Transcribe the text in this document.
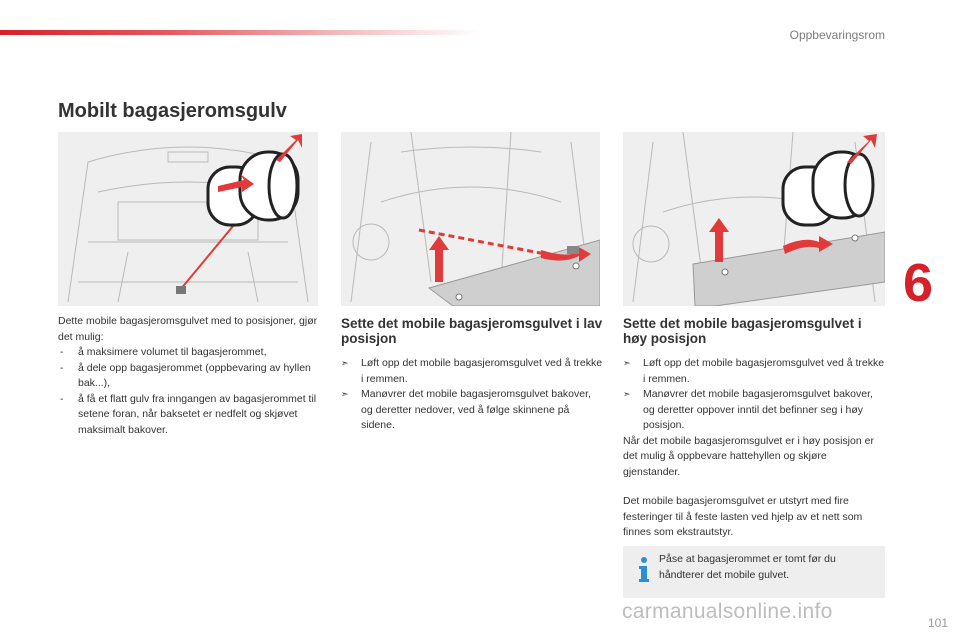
Oppbevaringsrom
6
Mobilt bagasjeromsgulv

Dette mobile bagasjeromsgulvet med to posisjoner, gjør det mulig:

- å maksimere volumet til bagasjerommet,
- å dele opp bagasjerommet (oppbevaring av hyllen bak...),
- å få et flatt gulv fra inngangen av bagasjerommet til setene foran, når baksetet er nedfelt og skjøvet maksimalt bakover.
Sette det mobile bagasjeromsgulvet i lav posisjon
➣ Løft opp det mobile bagasjeromsgulvet ved å trekke i remmen.
➣ Manøvrer det mobile bagasjeromsgulvet bakover, og deretter nedover, ved å følge skinnene på sidene.
Sette det mobile bagasjeromsgulvet i høy posisjon
➣ Løft opp det mobile bagasjeromsgulvet ved å trekke i remmen.
➣ Manøvrer det mobile bagasjeromsgulvet bakover, og deretter oppover inntil det befinner seg i høy posisjon.

Når det mobile bagasjeromsgulvet er i høy posisjon er det mulig å oppbevare hattehyllen og skjøre gjenstander.

Det mobile bagasjeromsgulvet er utstyrt med fire festeringer til å feste lasten ved hjelp av et nett som finnes som ekstrautstyr.

Påse at bagasjerommet er tomt før du håndterer det mobile gulvet.
carmanualsonline.info	101
